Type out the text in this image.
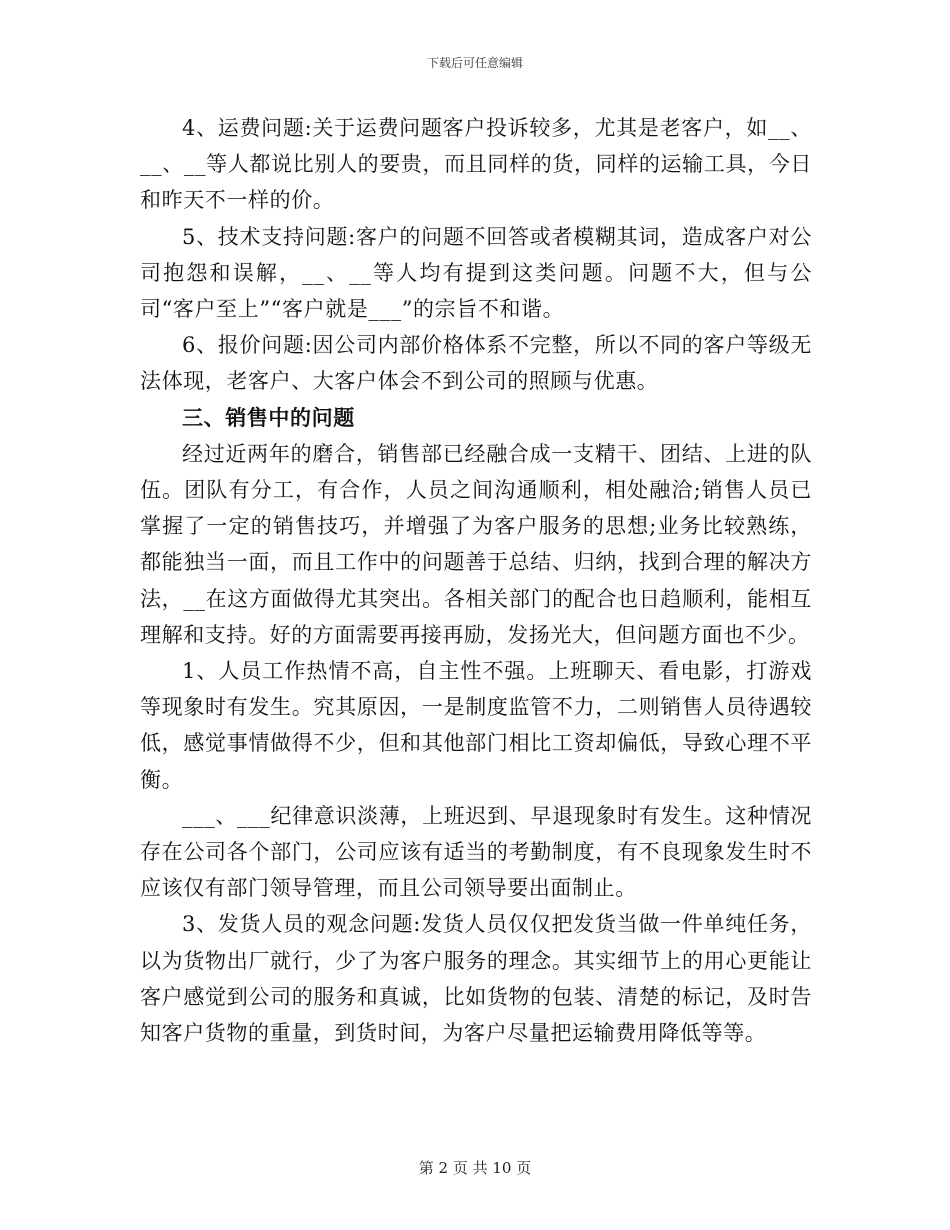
下载后可任意编辑

4、运费问题:关于运费问题客户投诉较多，尤其是老客户，如__、__、__等人都说比别人的要贵，而且同样的货，同样的运输工具，今日和昨天不一样的价。

5、技术支持问题:客户的问题不回答或者模糊其词，造成客户对公司抱怨和误解，__、__等人均有提到这类问题。问题不大，但与公司“客户至上”“客户就是___”的宗旨不和谐。

6、报价问题:因公司内部价格体系不完整，所以不同的客户等级无法体现，老客户、大客户体会不到公司的照顾与优惠。

三、销售中的问题

经过近两年的磨合，销售部已经融合成一支精干、团结、上进的队伍。团队有分工，有合作，人员之间沟通顺利，相处融洽;销售人员已掌握了一定的销售技巧，并增强了为客户服务的思想;业务比较熟练，都能独当一面，而且工作中的问题善于总结、归纳，找到合理的解决方法，__在这方面做得尤其突出。各相关部门的配合也日趋顺利，能相互理解和支持。好的方面需要再接再励，发扬光大，但问题方面也不少。

1、人员工作热情不高，自主性不强。上班聊天、看电影，打游戏等现象时有发生。究其原因，一是制度监管不力，二则销售人员待遇较低，感觉事情做得不少，但和其他部门相比工资却偏低，导致心理不平衡。

___、___纪律意识淡薄，上班迟到、早退现象时有发生。这种情况存在公司各个部门，公司应该有适当的考勤制度，有不良现象发生时不应该仅有部门领导管理，而且公司领导要出面制止。

3、发货人员的观念问题:发货人员仅仅把发货当做一件单纯任务，以为货物出厂就行，少了为客户服务的理念。其实细节上的用心更能让客户感觉到公司的服务和真诚，比如货物的包装、清楚的标记，及时告知客户货物的重量，到货时间，为客户尽量把运输费用降低等等。

第 2 页 共 10 页
